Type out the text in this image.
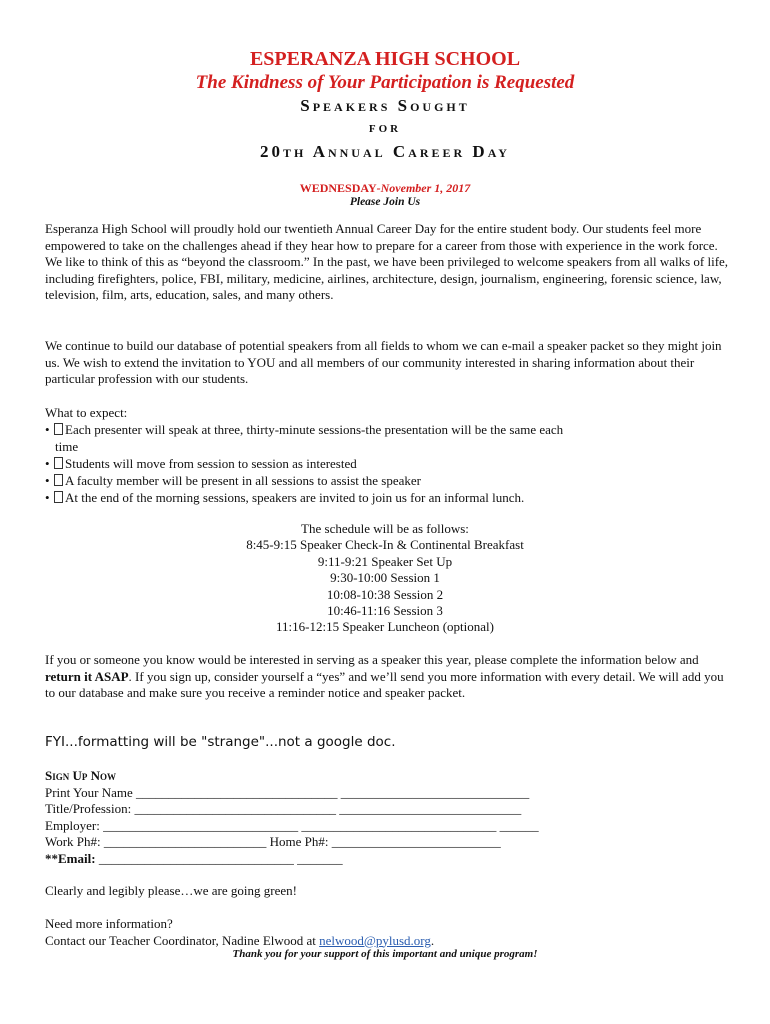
ESPERANZA HIGH SCHOOL
The Kindness of Your Participation is Requested
Speakers Sought
for
20th Annual Career Day
WEDNESDAY-November 1, 2017
Please Join Us
Esperanza High School will proudly hold our twentieth Annual Career Day for the entire student body. Our students feel more empowered to take on the challenges ahead if they hear how to prepare for a career from those with experience in the work force. We like to think of this as “beyond the classroom.” In the past, we have been privileged to welcome speakers from all walks of life, including firefighters, police, FBI, military, medicine, airlines, architecture, design, journalism, engineering, forensic science, law, television, film, arts, education, sales, and many others.
We continue to build our database of potential speakers from all fields to whom we can e-mail a speaker packet so they might join us. We wish to extend the invitation to YOU and all members of our community interested in sharing information about their particular profession with our students.
What to expect:
• Each presenter will speak at three, thirty-minute sessions-the presentation will be the same each
time
• Students will move from session to session as interested
• A faculty member will be present in all sessions to assist the speaker
• At the end of the morning sessions, speakers are invited to join us for an informal lunch.
The schedule will be as follows:
8:45-9:15 Speaker Check-In & Continental Breakfast
9:11-9:21 Speaker Set Up
9:30-10:00 Session 1
10:08-10:38 Session 2
10:46-11:16 Session 3
11:16-12:15 Speaker Luncheon (optional)
If you or someone you know would be interested in serving as a speaker this year, please complete the information below and return it ASAP. If you sign up, consider yourself a “yes” and we’ll send you more information with every detail. We will add you to our database and make sure you receive a reminder notice and speaker packet.
FYI...formatting will be "strange"...not a google doc.
Sign Up Now
Print Your Name _______________________________ _____________________________
Title/Profession: _______________________________ ____________________________
Employer: ______________________________ ______________________________ ______
Work Ph#: _________________________ Home Ph#: __________________________
**Email: ______________________________ _______
Clearly and legibly please…we are going green!
Need more information?
Contact our Teacher Coordinator, Nadine Elwood at nelwood@pylusd.org.
Thank you for your support of this important and unique program!
